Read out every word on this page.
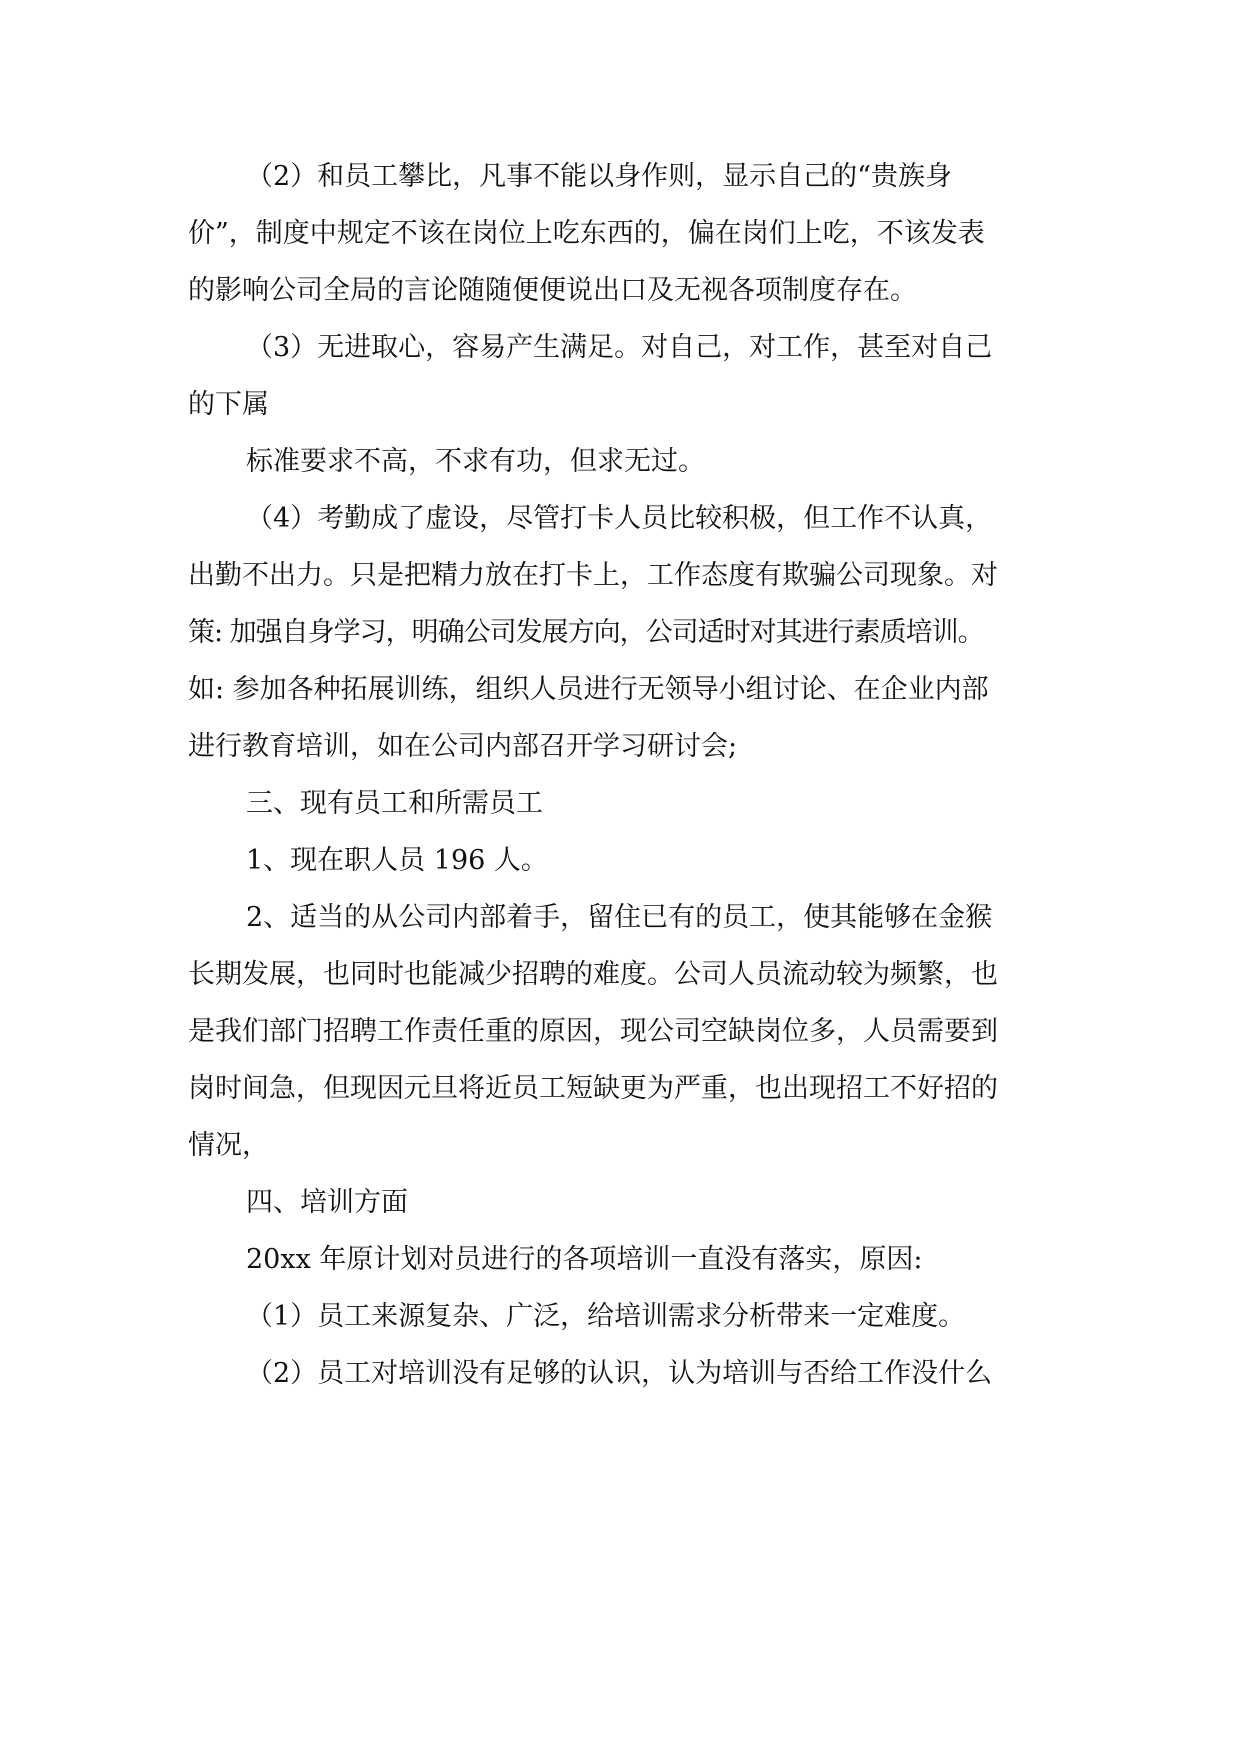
（2）和员工攀比，凡事不能以身作则，显示自己的“贵族身
价”，制度中规定不该在岗位上吃东西的，偏在岗们上吃，不该发表
的影响公司全局的言论随随便便说出口及无视各项制度存在。
（3）无进取心，容易产生满足。对自己，对工作，甚至对自己
的下属
标准要求不高，不求有功，但求无过。
（4）考勤成了虚设，尽管打卡人员比较积极，但工作不认真，
出勤不出力。只是把精力放在打卡上，工作态度有欺骗公司现象。对
策: 加强自身学习，明确公司发展方向，公司适时对其进行素质培训。
如: 参加各种拓展训练，组织人员进行无领导小组讨论、在企业内部
进行教育培训，如在公司内部召开学习研讨会;
三、现有员工和所需员工
1、现在职人员 196 人。
2、适当的从公司内部着手，留住已有的员工，使其能够在金猴
长期发展，也同时也能减少招聘的难度。公司人员流动较为频繁，也
是我们部门招聘工作责任重的原因，现公司空缺岗位多，人员需要到
岗时间急，但现因元旦将近员工短缺更为严重，也出现招工不好招的
情况，
四、培训方面
20xx 年原计划对员进行的各项培训一直没有落实，原因:
（1）员工来源复杂、广泛，给培训需求分析带来一定难度。
（2）员工对培训没有足够的认识，认为培训与否给工作没什么
